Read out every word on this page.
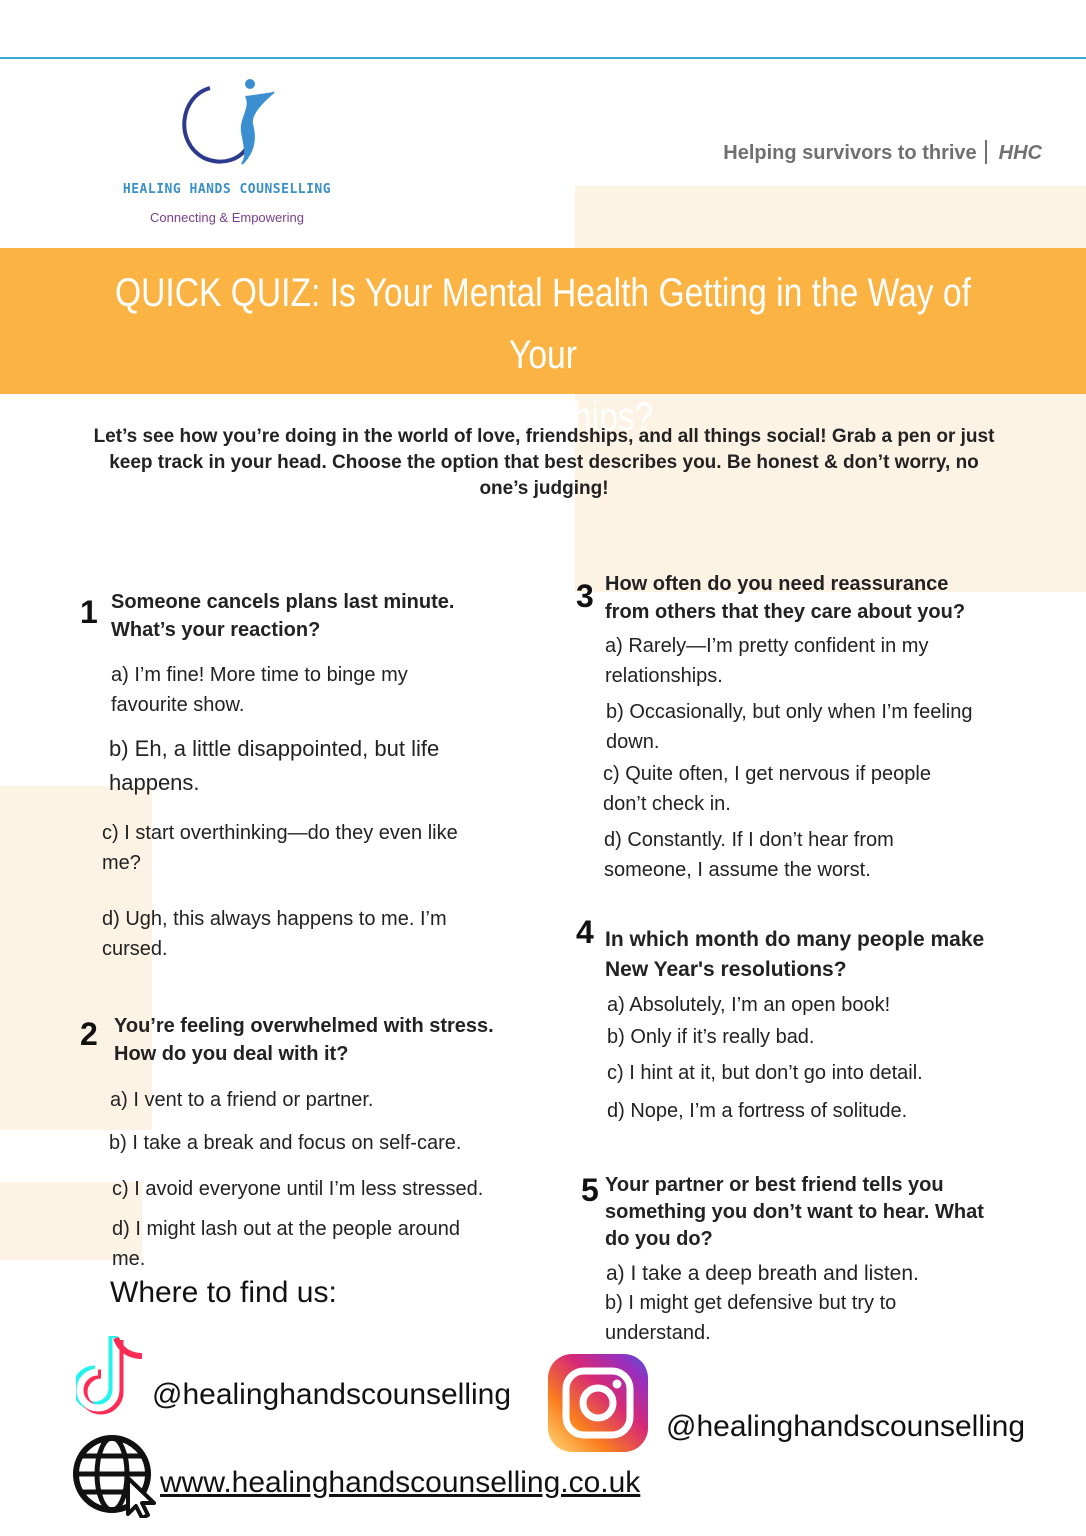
HEALING HANDS COUNSELLING
Connecting & Empowering
Helping survivors to thrive HHC
QUICK QUIZ: Is Your Mental Health Getting in the Way of Your
Relationships?
Let’s see how you’re doing in the world of love, friendships, and all things social! Grab a pen or just
keep track in your head. Choose the option that best describes you. Be honest & don’t worry, no
one’s judging!
1 Someone cancels plans last minute.
What’s your reaction?
a) I’m fine! More time to binge my
favourite show.
b) Eh, a little disappointed, but life
happens.
c) I start overthinking—do they even like
me?
d) Ugh, this always happens to me. I’m
cursed.
2 You’re feeling overwhelmed with stress.
How do you deal with it?
a) I vent to a friend or partner.
b) I take a break and focus on self-care.
c) I avoid everyone until I’m less stressed.
d) I might lash out at the people around
me.
3 How often do you need reassurance
from others that they care about you?
a) Rarely—I’m pretty confident in my
relationships.
b) Occasionally, but only when I’m feeling
down.
c) Quite often, I get nervous if people
don’t check in.
d) Constantly. If I don’t hear from
someone, I assume the worst.
4 In which month do many people make
New Year's resolutions?
a) Absolutely, I’m an open book!
b) Only if it’s really bad.
c) I hint at it, but don’t go into detail.
d) Nope, I’m a fortress of solitude.
5 Your partner or best friend tells you
something you don’t want to hear. What
do you do?
a) I take a deep breath and listen.
b) I might get defensive but try to
understand.
Where to find us:
@healinghandscounselling
@healinghandscounselling
www.healinghandscounselling.co.uk
